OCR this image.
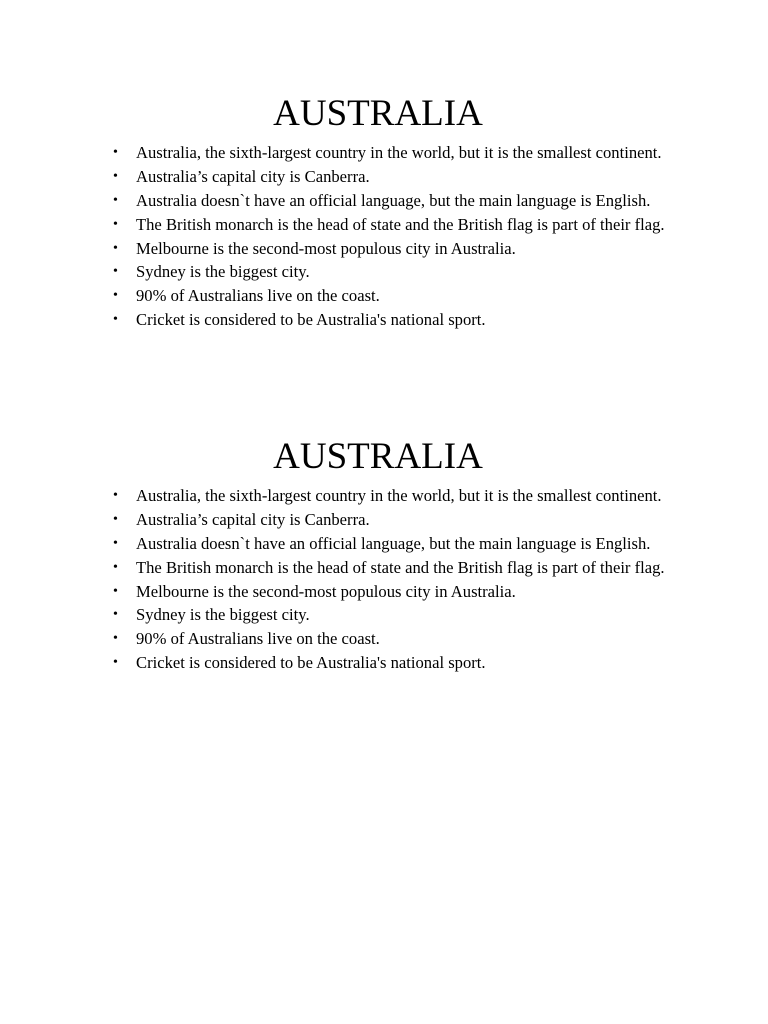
AUSTRALIA
• Australia, the sixth-largest country in the world, but it is the smallest continent.
• Australia’s capital city is Canberra.
• Australia doesn`t have an official language, but the main language is English.
• The British monarch is the head of state and the British flag is part of their flag.
• Melbourne is the second-most populous city in Australia.
• Sydney is the biggest city.
• 90% of Australians live on the coast.
• Cricket is considered to be Australia's national sport.
AUSTRALIA
• Australia, the sixth-largest country in the world, but it is the smallest continent.
• Australia’s capital city is Canberra.
• Australia doesn`t have an official language, but the main language is English.
• The British monarch is the head of state and the British flag is part of their flag.
• Melbourne is the second-most populous city in Australia.
• Sydney is the biggest city.
• 90% of Australians live on the coast.
• Cricket is considered to be Australia's national sport.
